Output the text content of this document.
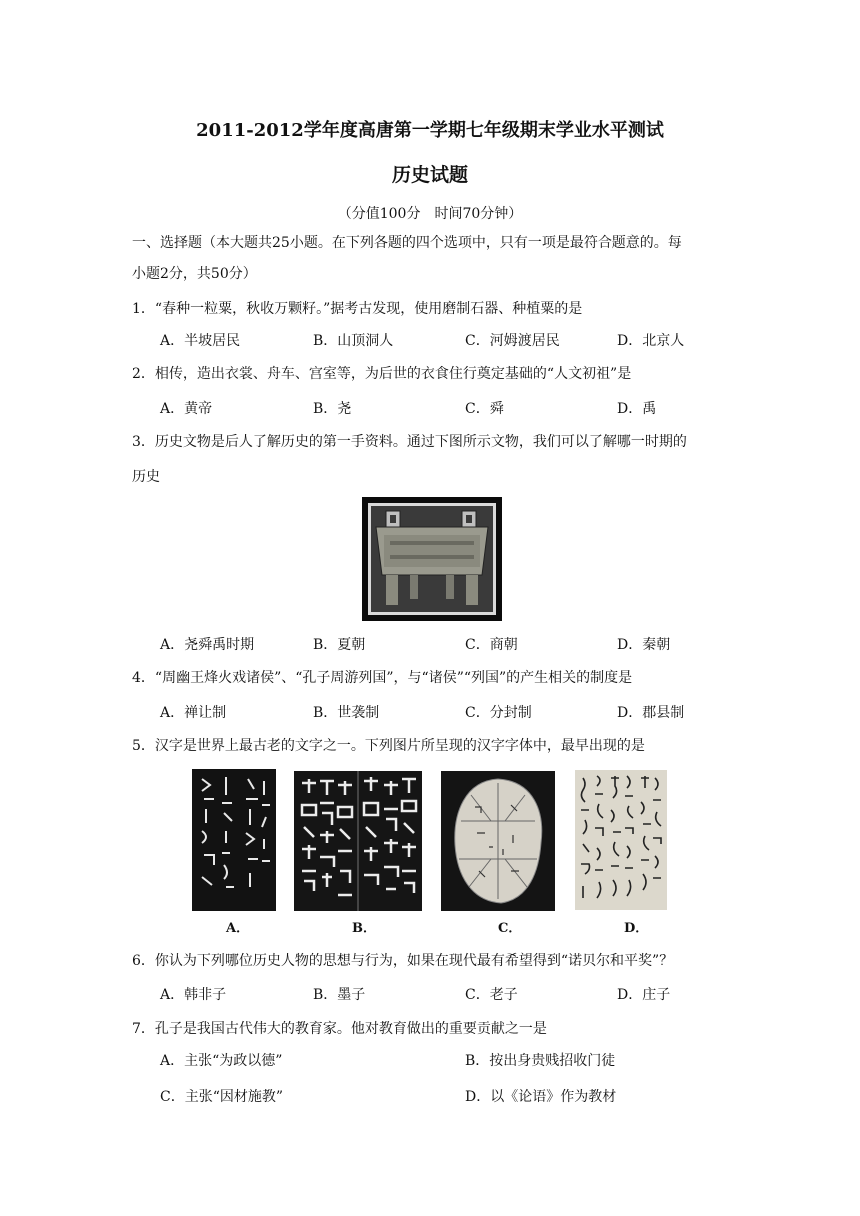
2011-2012学年度高唐第一学期七年级期末学业水平测试
历史试题
（分值100分　时间70分钟）
一、选择题（本大题共25小题。在下列各题的四个选项中，只有一项是最符合题意的。每
小题2分，共50分）
1．“春种一粒粟，秋收万颗籽。”据考古发现，使用磨制石器、种植粟的是
A．半坡居民	B．山顶洞人	C．河姆渡居民	D．北京人
2．相传，造出衣裳、舟车、宫室等，为后世的衣食住行奠定基础的“人文初祖”是
A．黄帝	B．尧	C．舜	D．禹
3．历史文物是后人了解历史的第一手资料。通过下图所示文物，我们可以了解哪一时期的
历史
A．尧舜禹时期	B．夏朝	C．商朝	D．秦朝
4．“周幽王烽火戏诸侯”、“孔子周游列国”，与“诸侯”“列国”的产生相关的制度是
A．禅让制	B．世袭制	C．分封制	D．郡县制
5．汉字是世界上最古老的文字之一。下列图片所呈现的汉字字体中，最早出现的是
A．	B．	C．	D．
6．你认为下列哪位历史人物的思想与行为，如果在现代最有希望得到“诺贝尔和平奖”？
A．韩非子	B．墨子	C．老子	D．庄子
7．孔子是我国古代伟大的教育家。他对教育做出的重要贡献之一是
A．主张“为政以德”	B．按出身贵贱招收门徒
C．主张“因材施教”	D．以《论语》作为教材
